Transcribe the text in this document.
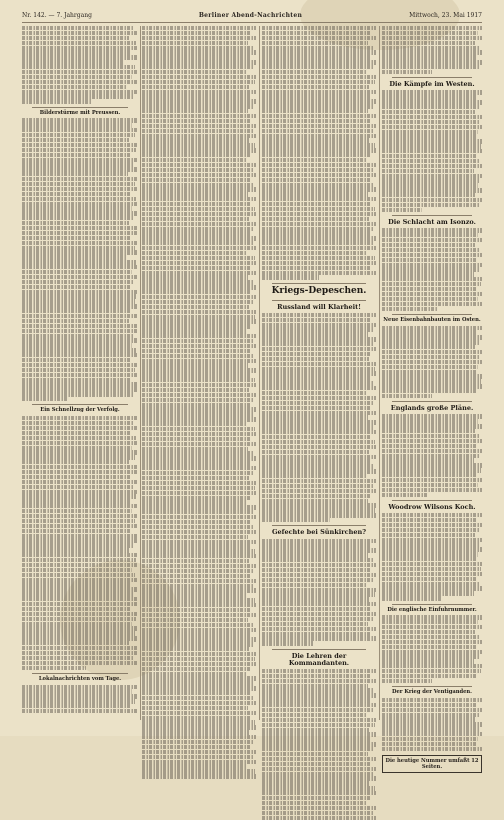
Nr. 142. — 7. Jahrgang	Berliner Abend-Nachrichten	Mittwoch, 23. Mai 1917
Bilderstürme mit Preussen.
Ein Schnellzug der Verfolg.
Lokalnachrichten vom Tage.
Kriegs-Depeschen.
Russland will Klarheit!
Gefechte bei Sünkirchen?
Die Lehren der Kommandanten.
Die Kämpfe im Westen.
Die Schlacht am Isonzo.
Neue Eisenbahnbauten im Osten.
Englands große Pläne.
Woodrow Wilsons Koch.
Die englische Einfuhrnummer.
Der Krieg der Ventiganden.
Die heutige Nummer umfaßt 12 Seiten.
